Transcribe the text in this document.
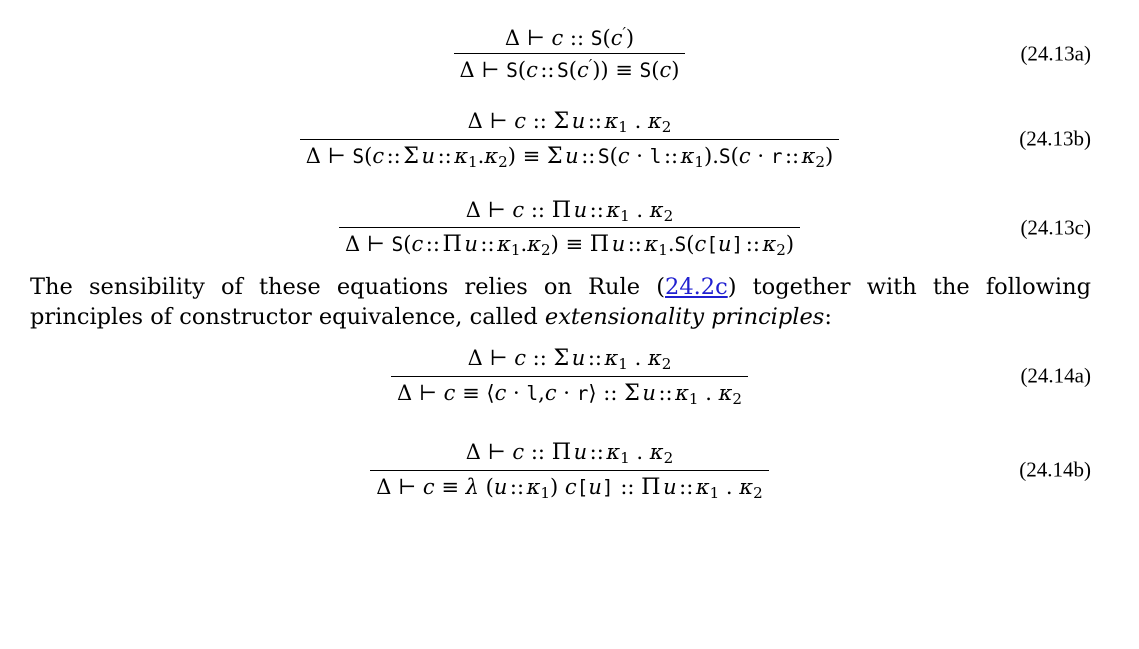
Δ ⊢ c :: S(c′)
Δ ⊢ S(c :: S(c′)) ≡ S(c)
(24.13a)
Δ ⊢ c :: Σ u :: $\kappa_1$ . $\kappa_2$
Δ ⊢ S(c :: Σ u :: $\kappa_1.\kappa_2) \equiv \Sigma$ u :: S(c · l :: $\kappa_1).S(c \cdot r$ :: $\kappa_2$)
(24.13b)
Δ ⊢ c :: Π u :: $\kappa_1$ . $\kappa_2$
Δ ⊢ S(c :: Π u :: $\kappa_1.\kappa_2) \equiv \Pi$ u :: $\kappa_1.S(c[u]$ :: $\kappa_2$)
(24.13c)

The sensibility of these equations relies on Rule (24.2c) together with the following principles of constructor equivalence, called extensionality principles:

Δ ⊢ c :: Σ u :: $\kappa_1$ . $\kappa_2$
Δ ⊢ c ≡ ⟨c · l,c · r⟩ :: Σ u :: $\kappa_1$ . $\kappa_2$
(24.14a)
Δ ⊢ c :: Π u :: $\kappa_1$ . $\kappa_2$
Δ ⊢ c ≡ λ (u :: $\kappa_1$) c[u] :: Π u :: $\kappa_1$ . $\kappa_2$
(24.14b)
